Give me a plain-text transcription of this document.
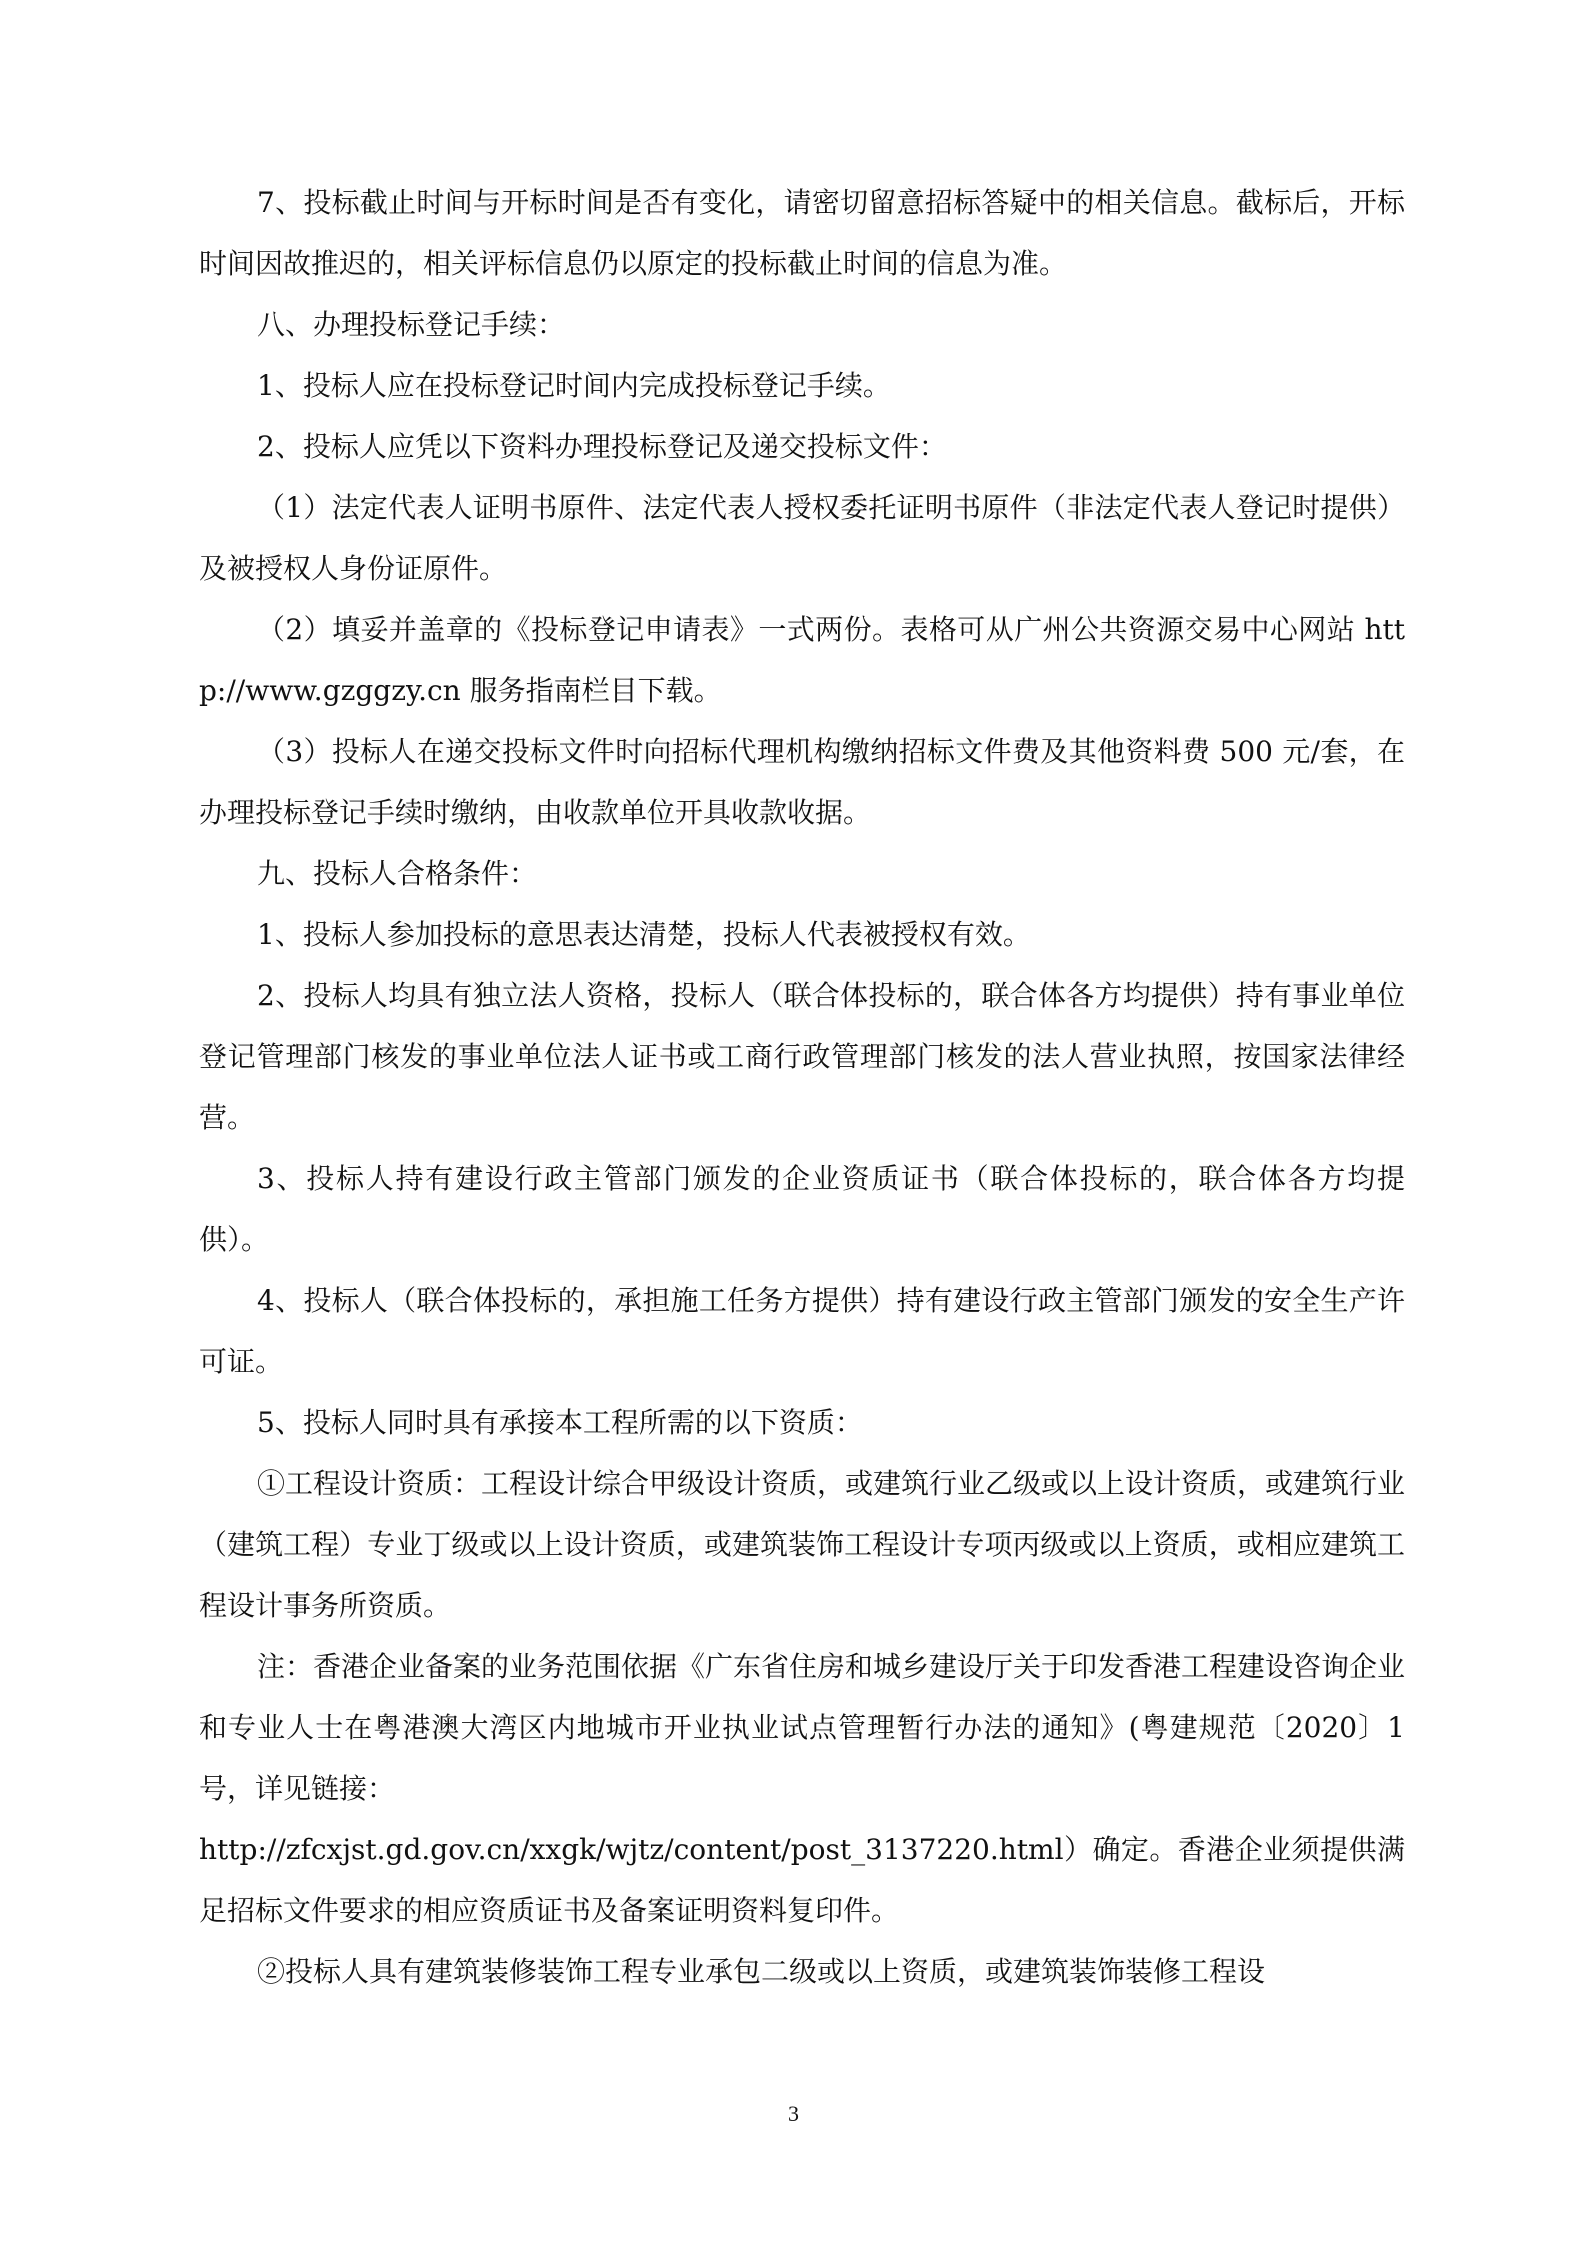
7、投标截止时间与开标时间是否有变化，请密切留意招标答疑中的相关信息。截标后，开标时间因故推迟的，相关评标信息仍以原定的投标截止时间的信息为准。

八、办理投标登记手续：

1、投标人应在投标登记时间内完成投标登记手续。

2、投标人应凭以下资料办理投标登记及递交投标文件：

（1）法定代表人证明书原件、法定代表人授权委托证明书原件（非法定代表人登记时提供）及被授权人身份证原件。

（2）填妥并盖章的《投标登记申请表》一式两份。表格可从广州公共资源交易中心网站 http://www.gzggzy.cn 服务指南栏目下载。

（3）投标人在递交投标文件时向招标代理机构缴纳招标文件费及其他资料费 500 元/套，在办理投标登记手续时缴纳，由收款单位开具收款收据。

九、投标人合格条件：

1、投标人参加投标的意思表达清楚，投标人代表被授权有效。

2、投标人均具有独立法人资格，投标人（联合体投标的，联合体各方均提供）持有事业单位登记管理部门核发的事业单位法人证书或工商行政管理部门核发的法人营业执照，按国家法律经营。

3、投标人持有建设行政主管部门颁发的企业资质证书（联合体投标的，联合体各方均提供）。

4、投标人（联合体投标的，承担施工任务方提供）持有建设行政主管部门颁发的安全生产许可证。

5、投标人同时具有承接本工程所需的以下资质：

①工程设计资质：工程设计综合甲级设计资质，或建筑行业乙级或以上设计资质，或建筑行业（建筑工程）专业丁级或以上设计资质，或建筑装饰工程设计专项丙级或以上资质，或相应建筑工程设计事务所资质。

注：香港企业备案的业务范围依据《广东省住房和城乡建设厅关于印发香港工程建设咨询企业和专业人士在粤港澳大湾区内地城市开业执业试点管理暂行办法的通知》(粤建规范〔2020〕1 号，详见链接：

http://zfcxjst.gd.gov.cn/xxgk/wjtz/content/post_3137220.html）确定。香港企业须提供满足招标文件要求的相应资质证书及备案证明资料复印件。

②投标人具有建筑装修装饰工程专业承包二级或以上资质，或建筑装饰装修工程设

3
